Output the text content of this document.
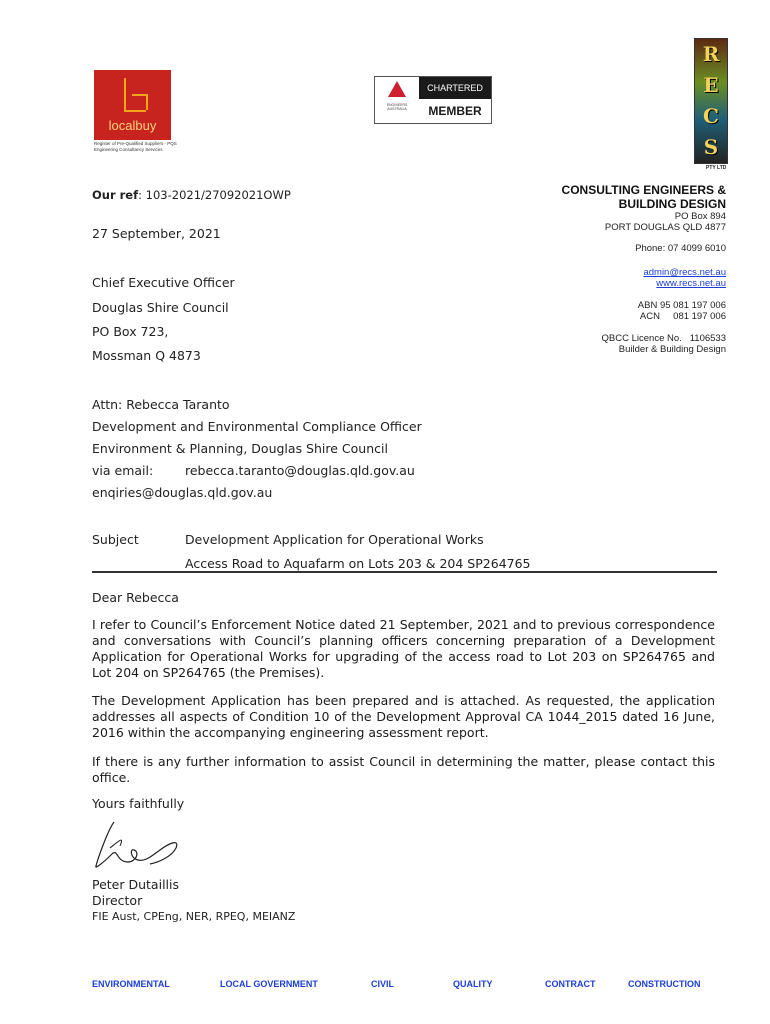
localbuy
Register of Pre-Qualified Suppliers - PQS Engineering Consultancy Services
ENGINEERS AUSTRALIA
CHARTERED
MEMBER
R
E
C
S
PTY LTD
CONSULTING ENGINEERS &
BUILDING DESIGN
PO Box 894
PORT DOUGLAS QLD 4877
Phone: 07 4099 6010
admin@recs.net.au
www.recs.net.au
ABN 95 081 197 006
ACN     081 197 006
QBCC Licence No.   1106533
Builder & Building Design
Our ref: 103-2021/27092021OWP
27 September, 2021
Chief Executive Officer
Douglas Shire Council
PO Box 723,
Mossman Q 4873
Attn: Rebecca Taranto
Development and Environmental Compliance Officer
Environment & Planning, Douglas Shire Council
via email:	rebecca.taranto@douglas.qld.gov.au
enqiries@douglas.qld.gov.au
Subject	Development Application for Operational Works
Access Road to Aquafarm on Lots 203 & 204 SP264765
Dear Rebecca
I refer to Council’s Enforcement Notice dated 21 September, 2021 and to previous correspondence and conversations with Council’s planning officers concerning preparation of a Development Application for Operational Works for upgrading of the access road to Lot 203 on SP264765 and Lot 204 on SP264765 (the Premises).
The Development Application has been prepared and is attached. As requested, the application addresses all aspects of Condition 10 of the Development Approval CA 1044_2015 dated 16 June, 2016 within the accompanying engineering assessment report.
If there is any further information to assist Council in determining the matter, please contact this office.
Yours faithfully
Peter Dutaillis
Director
FIE Aust, CPEng, NER, RPEQ, MEIANZ
ENVIRONMENTAL	LOCAL GOVERNMENT	CIVIL	QUALITY	CONTRACT	CONSTRUCTION
